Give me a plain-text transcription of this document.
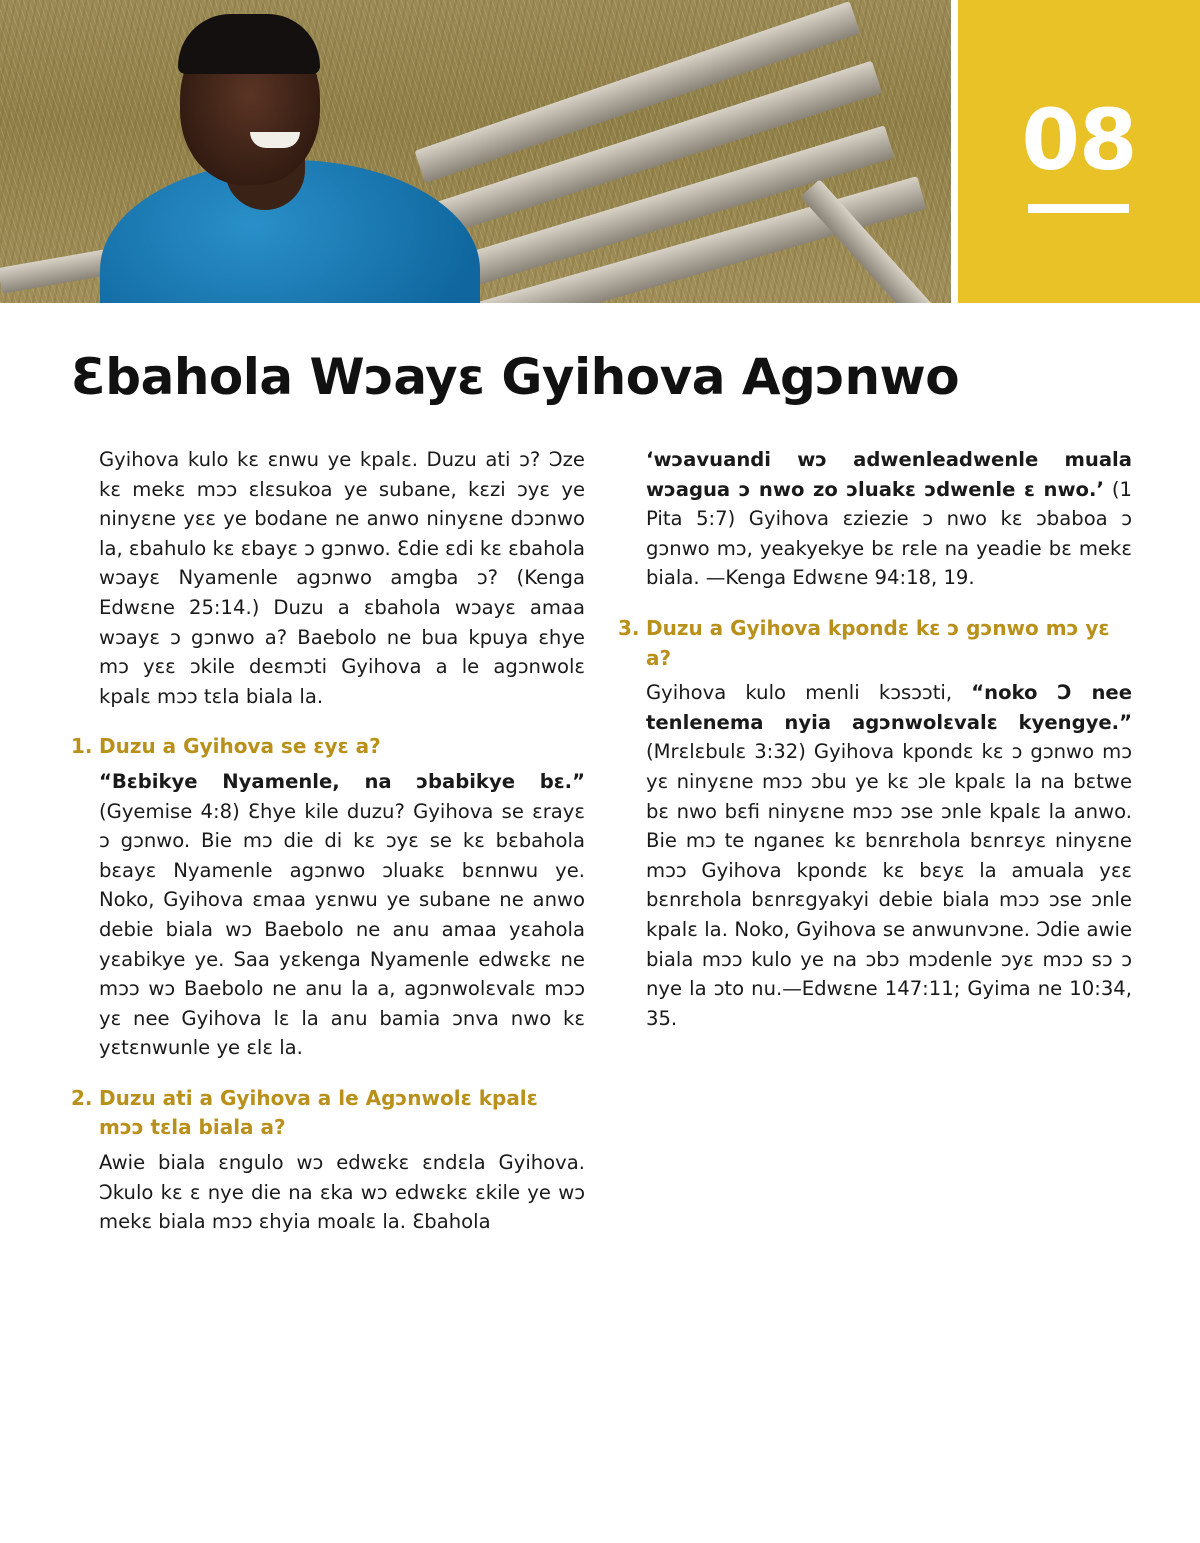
08
Ɛbahola Wɔayɛ Gyihova Agɔnwo

Gyihova kulo kɛ ɛnwu ye kpalɛ. Duzu ati ɔ? Ɔze kɛ mekɛ mɔɔ ɛlɛsukoa ye subane, kɛzi ɔyɛ ye ninyɛne yɛɛ ye bodane ne anwo ninyɛne dɔɔnwo la, ɛbahulo kɛ ɛbayɛ ɔ gɔnwo. Ɛdie ɛdi kɛ ɛbahola wɔayɛ Nyamenle agɔnwo amgba ɔ? (Kenga Edwɛne 25:14.) Duzu a ɛbahola wɔayɛ amaa wɔayɛ ɔ gɔnwo a? Baebolo ne bua kpuya ɛhye mɔ yɛɛ ɔkile deɛmɔti Gyihova a le agɔnwolɛ kpalɛ mɔɔ tɛla biala la.

1. Duzu a Gyihova se ɛyɛ a?

“Bɛbikye Nyamenle, na ɔbabikye bɛ.” (Gyemise 4:8) Ɛhye kile duzu? Gyihova se ɛrayɛ ɔ gɔnwo. Bie mɔ die di kɛ ɔyɛ se kɛ bɛbahola bɛayɛ Nyamenle agɔnwo ɔluakɛ bɛnnwu ye. Noko, Gyihova ɛmaa yɛnwu ye subane ne anwo debie biala wɔ Baebolo ne anu amaa yɛahola yɛabikye ye. Saa yɛkenga Nyamenle edwɛkɛ ne mɔɔ wɔ Baebolo ne anu la a, agɔnwolɛvalɛ mɔɔ yɛ nee Gyihova lɛ la anu bamia ɔnva nwo kɛ yɛtɛnwunle ye ɛlɛ la.

2. Duzu ati a Gyihova a le Agɔnwolɛ kpalɛ mɔɔ tɛla biala a?

Awie biala ɛngulo wɔ edwɛkɛ ɛndɛla Gyihova. Ɔkulo kɛ ɛ nye die na ɛka wɔ edwɛkɛ ɛkile ye wɔ mekɛ biala mɔɔ ɛhyia moalɛ la. Ɛbahola

‘wɔavuandi wɔ adwenleadwenle muala wɔagua ɔ nwo zo ɔluakɛ ɔdwenle ɛ nwo.’ (1 Pita 5:7) Gyihova ɛziezie ɔ nwo kɛ ɔbaboa ɔ gɔnwo mɔ, yeakyekye bɛ rɛle na yeadie bɛ mekɛ biala. —Kenga Edwɛne 94:18, 19.

3. Duzu a Gyihova kpondɛ kɛ ɔ gɔnwo mɔ yɛ a?

Gyihova kulo menli kɔsɔɔti, “noko Ɔ nee tenlenema nyia agɔnwolɛvalɛ kyengye.” (Mrɛlɛbulɛ 3:32) Gyihova kpondɛ kɛ ɔ gɔnwo mɔ yɛ ninyɛne mɔɔ ɔbu ye kɛ ɔle kpalɛ la na bɛtwe bɛ nwo bɛfi ninyɛne mɔɔ ɔse ɔnle kpalɛ la anwo. Bie mɔ te nganeɛ kɛ bɛnrɛhola bɛnrɛyɛ ninyɛne mɔɔ Gyihova kpondɛ kɛ bɛyɛ la amuala yɛɛ bɛnrɛhola bɛnrɛgyakyi debie biala mɔɔ ɔse ɔnle kpalɛ la. Noko, Gyihova se anwunvɔne. Ɔdie awie biala mɔɔ kulo ye na ɔbɔ mɔdenle ɔyɛ mɔɔ sɔ ɔ nye la ɔto nu.—Edwɛne 147:11; Gyima ne 10:34, 35.
